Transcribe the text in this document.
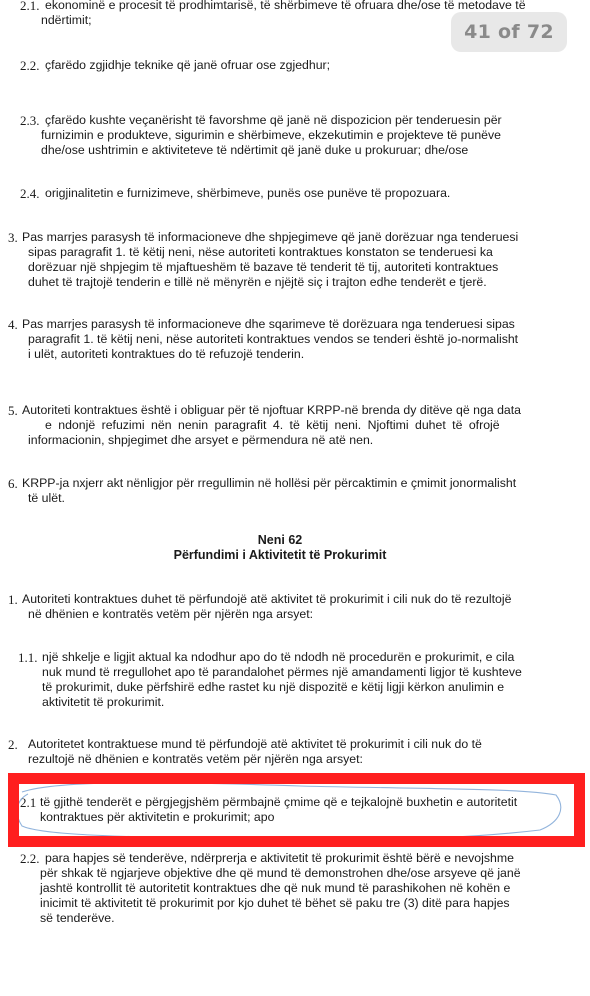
2.1. ekonominë e procesit të prodhimtarisë, të shërbimeve të ofruara dhe/ose të metodave të
ndërtimit;
2.2. çfarëdo zgjidhje teknike që janë ofruar ose zgjedhur;
2.3. çfarëdo kushte veçanërisht të favorshme që janë në dispozicion për tenderuesin për
furnizimin e produkteve, sigurimin e shërbimeve, ekzekutimin e projekteve të punëve
dhe/ose ushtrimin e aktiviteteve të ndërtimit që janë duke u prokuruar; dhe/ose
2.4. origjinalitetin e furnizimeve, shërbimeve, punës ose punëve të propozuara.
3. Pas marrjes parasysh të informacioneve dhe shpjegimeve që janë dorëzuar nga tenderuesi
sipas paragrafit 1. të këtij neni, nëse autoriteti kontraktues konstaton se tenderuesi ka
dorëzuar një shpjegim të mjaftueshëm të bazave të tenderit të tij, autoriteti kontraktues
duhet të trajtojë tenderin e tillë në mënyrën e njëjtë siç i trajton edhe tenderët e tjerë.
4. Pas marrjes parasysh të informacioneve dhe sqarimeve të dorëzuara nga tenderuesi sipas
paragrafit 1. të këtij neni, nëse autoriteti kontraktues vendos se tenderi është jo-normalisht
i ulët, autoriteti kontraktues do të refuzojë tenderin.
5. Autoriteti kontraktues është i obliguar për të njoftuar KRPP-në brenda dy ditëve që nga data
e ndonjë refuzimi nën nenin paragrafit 4. të këtij neni. Njoftimi duhet të ofrojë
informacionin, shpjegimet dhe arsyet e përmendura në atë nen.
6. KRPP-ja nxjerr akt nënligjor për rregullimin në hollësi për përcaktimin e çmimit jonormalisht
të ulët.
Neni 62
Përfundimi i Aktivitetit të Prokurimit
1. Autoriteti kontraktues duhet të përfundojë atë aktivitet të prokurimit i cili nuk do të rezultojë
në dhënien e kontratës vetëm për njërën nga arsyet:
1.1. një shkelje e ligjit aktual ka ndodhur apo do të ndodh në procedurën e prokurimit, e cila
nuk mund të rregullohet apo të parandalohet përmes një amandamenti ligjor të kushteve
të prokurimit, duke përfshirë edhe rastet ku një dispozitë e këtij ligji kërkon anulimin e
aktivitetit të prokurimit.
2. Autoritetet kontraktuese mund të përfundojë atë aktivitet të prokurimit i cili nuk do të
rezultojë në dhënien e kontratës vetëm për njërën nga arsyet:
2.1 të gjithë tenderët e përgjegjshëm përmbajnë çmime që e tejkalojnë buxhetin e autoritetit
kontraktues për aktivitetin e prokurimit; apo
2.2. para hapjes së tenderëve, ndërprerja e aktivitetit të prokurimit është bërë e nevojshme
për shkak të ngjarjeve objektive dhe që mund të demonstrohen dhe/ose arsyeve që janë
jashtë kontrollit të autoritetit kontraktues dhe që nuk mund të parashikohen në kohën e
inicimit të aktivitetit të prokurimit por kjo duhet të bëhet së paku tre (3) ditë para hapjes
së tenderëve.
41 of 72
